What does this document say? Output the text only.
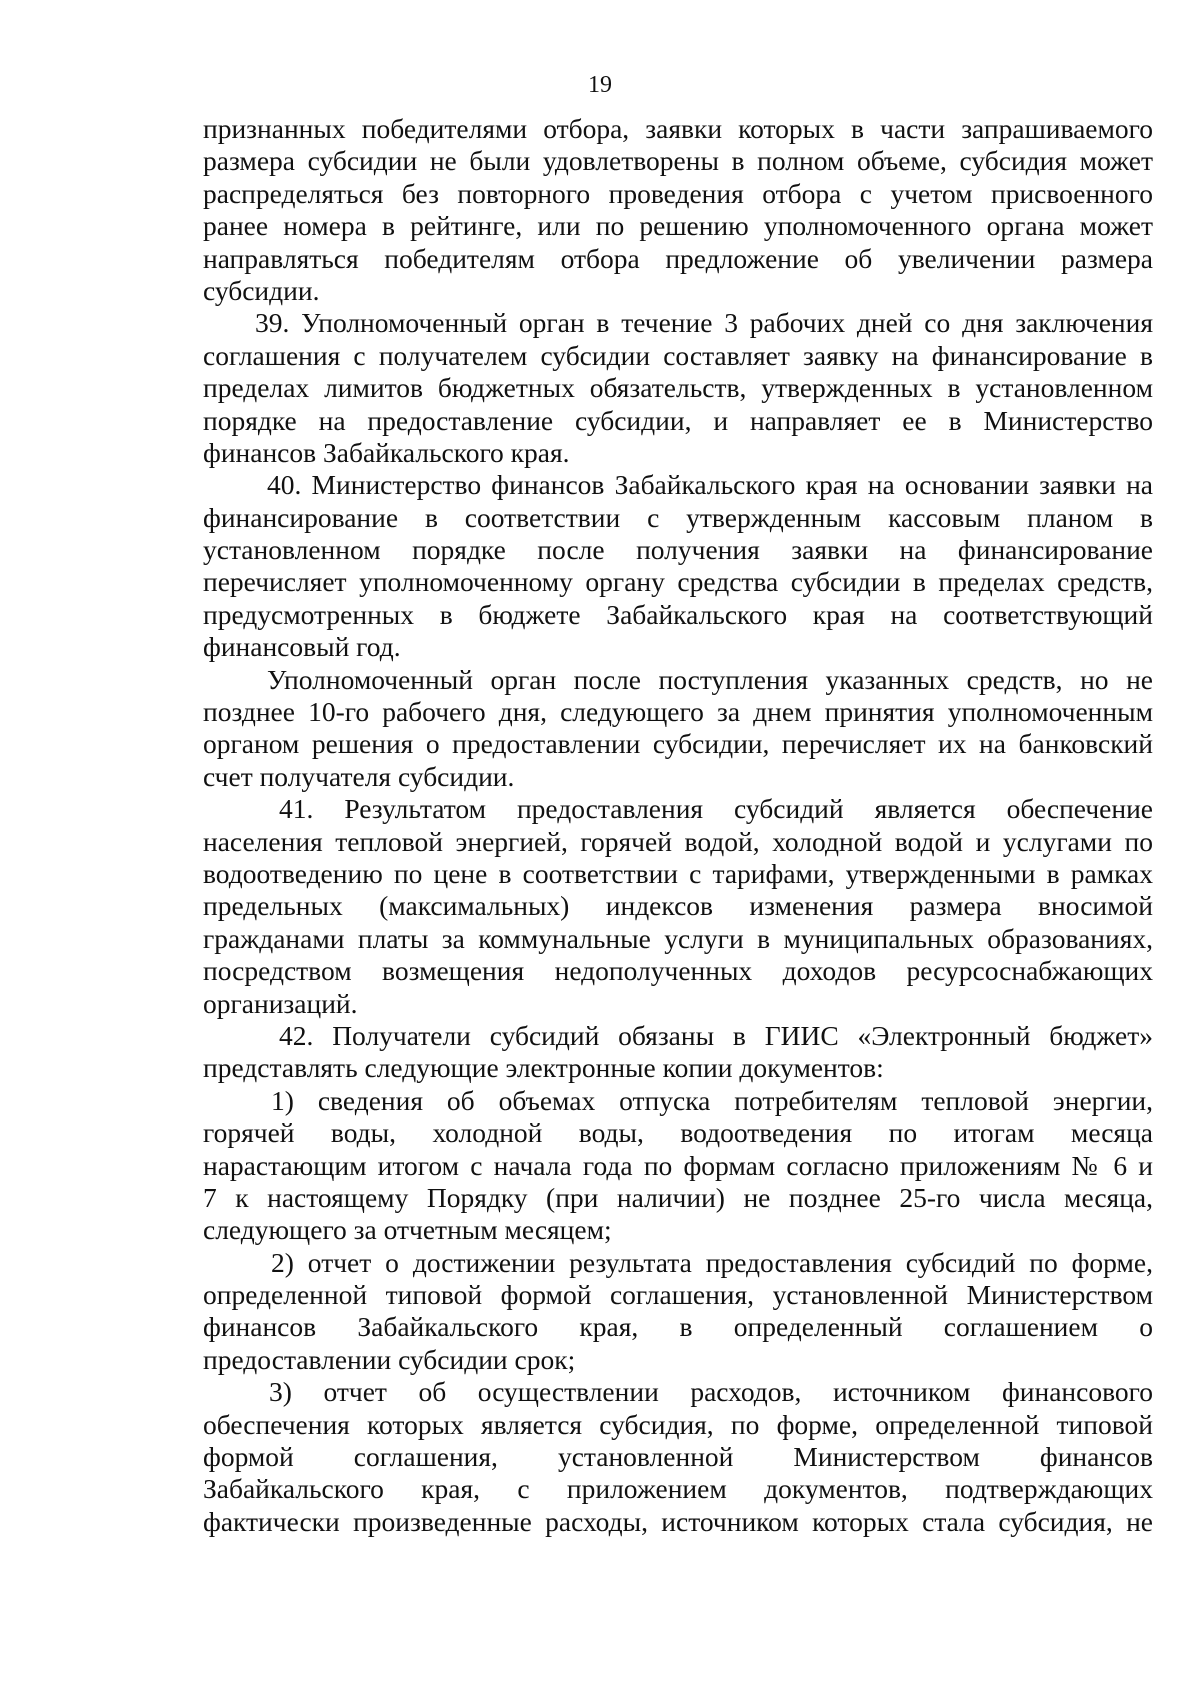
19
признанных победителями отбора, заявки которых в части запрашиваемого
размера субсидии не были удовлетворены в полном объеме, субсидия может
распределяться без повторного проведения отбора с учетом присвоенного
ранее номера в рейтинге, или по решению уполномоченного органа может
направляться победителям отбора предложение об увеличении размера
субсидии.
39. Уполномоченный орган в течение 3 рабочих дней со дня заключения
соглашения с получателем субсидии составляет заявку на финансирование в
пределах лимитов бюджетных обязательств, утвержденных в установленном
порядке на предоставление субсидии, и направляет ее в Министерство
финансов Забайкальского края.
40. Министерство финансов Забайкальского края на основании заявки на
финансирование в соответствии с утвержденным кассовым планом в
установленном порядке после получения заявки на финансирование
перечисляет уполномоченному органу средства субсидии в пределах средств,
предусмотренных в бюджете Забайкальского края на соответствующий
финансовый год.
Уполномоченный орган после поступления указанных средств, но не
позднее 10-го рабочего дня, следующего за днем принятия уполномоченным
органом решения о предоставлении субсидии, перечисляет их на банковский
счет получателя субсидии.
41. Результатом предоставления субсидий является обеспечение
населения тепловой энергией, горячей водой, холодной водой и услугами по
водоотведению по цене в соответствии с тарифами, утвержденными в рамках
предельных (максимальных) индексов изменения размера вносимой
гражданами платы за коммунальные услуги в муниципальных образованиях,
посредством возмещения недополученных доходов ресурсоснабжающих
организаций.
42. Получатели субсидий обязаны в ГИИС «Электронный бюджет»
представлять следующие электронные копии документов:
1) сведения об объемах отпуска потребителям тепловой энергии,
горячей воды, холодной воды, водоотведения по итогам месяца
нарастающим итогом с начала года по формам согласно приложениям № 6 и
7 к настоящему Порядку (при наличии) не позднее 25-го числа месяца,
следующего за отчетным месяцем;
2) отчет о достижении результата предоставления субсидий по форме,
определенной типовой формой соглашения, установленной Министерством
финансов Забайкальского края, в определенный соглашением о
предоставлении субсидии срок;
3) отчет об осуществлении расходов, источником финансового
обеспечения которых является субсидия, по форме, определенной типовой
формой соглашения, установленной Министерством финансов
Забайкальского края, с приложением документов, подтверждающих
фактически произведенные расходы, источником которых стала субсидия, не
